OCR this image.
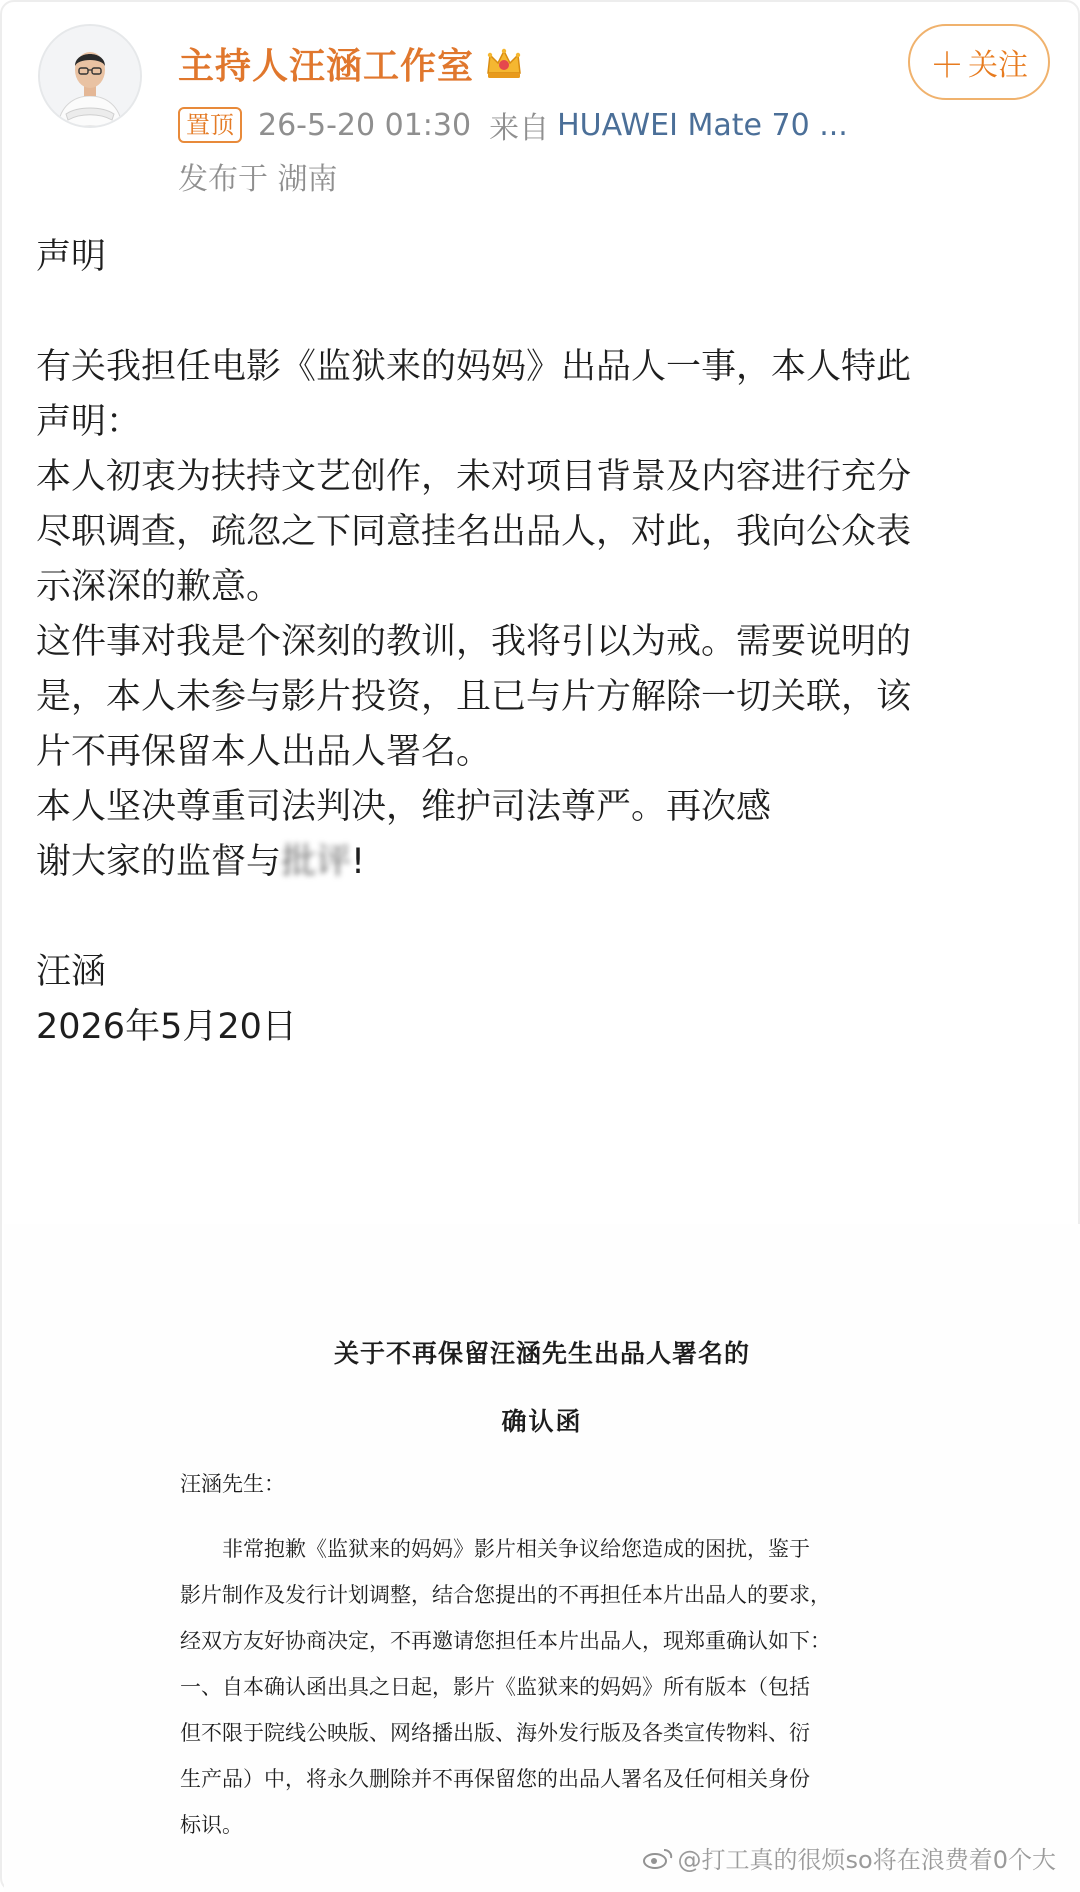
主持人汪涵工作室	＋ 关注
置顶 26-5-20 01:30 来自 HUAWEI Mate 70 ...
发布于 湖南

声明

有关我担任电影《监狱来的妈妈》出品人一事，本人特此

声明：

本人初衷为扶持文艺创作，未对项目背景及内容进行充分

尽职调查，疏忽之下同意挂名出品人，对此，我向公众表

示深深的歉意。

这件事对我是个深刻的教训，我将引以为戒。需要说明的

是，本人未参与影片投资，且已与片方解除一切关联，该

片不再保留本人出品人署名。

本人坚决尊重司法判决，维护司法尊严。再次感

谢大家的监督与批评!

汪涵

2026年5月20日

关于不再保留汪涵先生出品人署名的
确认函
汪涵先生：

　　非常抱歉《监狱来的妈妈》影片相关争议给您造成的困扰，鉴于

影片制作及发行计划调整，结合您提出的不再担任本片出品人的要求，

经双方友好协商决定，不再邀请您担任本片出品人，现郑重确认如下：

一、自本确认函出具之日起，影片《监狱来的妈妈》所有版本（包括

但不限于院线公映版、网络播出版、海外发行版及各类宣传物料、衍

生产品）中，将永久删除并不再保留您的出品人署名及任何相关身份

标识。

@打工真的很烦so将在浪费着0个大
